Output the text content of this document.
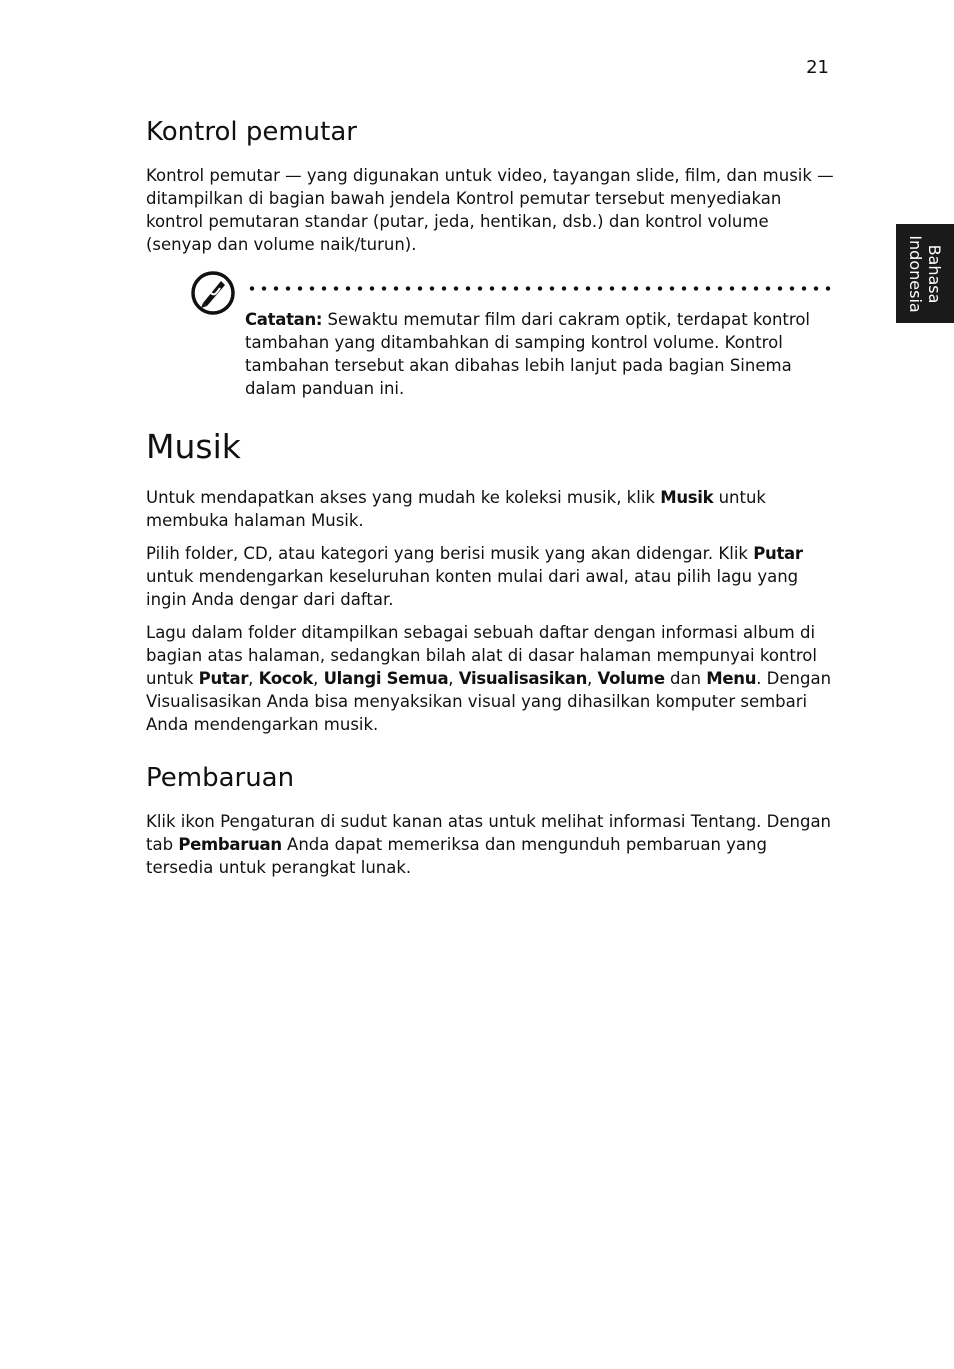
21
Bahasa
Indonesia
Kontrol pemutar

Kontrol pemutar — yang digunakan untuk video, tayangan slide, film, dan musik — ditampilkan di bagian bawah jendela Kontrol pemutar tersebut menyediakan kontrol pemutaran standar (putar, jeda, hentikan, dsb.) dan kontrol volume (senyap dan volume naik/turun).

Catatan: Sewaktu memutar film dari cakram optik, terdapat kontrol tambahan yang ditambahkan di samping kontrol volume. Kontrol tambahan tersebut akan dibahas lebih lanjut pada bagian Sinema dalam panduan ini.

Musik

Untuk mendapatkan akses yang mudah ke koleksi musik, klik Musik untuk membuka halaman Musik.

Pilih folder, CD, atau kategori yang berisi musik yang akan didengar. Klik Putar untuk mendengarkan keseluruhan konten mulai dari awal, atau pilih lagu yang ingin Anda dengar dari daftar.

Lagu dalam folder ditampilkan sebagai sebuah daftar dengan informasi album di bagian atas halaman, sedangkan bilah alat di dasar halaman mempunyai kontrol untuk Putar, Kocok, Ulangi Semua, Visualisasikan, Volume dan Menu. Dengan Visualisasikan Anda bisa menyaksikan visual yang dihasilkan komputer sembari Anda mendengarkan musik.

Pembaruan

Klik ikon Pengaturan di sudut kanan atas untuk melihat informasi Tentang. Dengan tab Pembaruan Anda dapat memeriksa dan mengunduh pembaruan yang tersedia untuk perangkat lunak.
